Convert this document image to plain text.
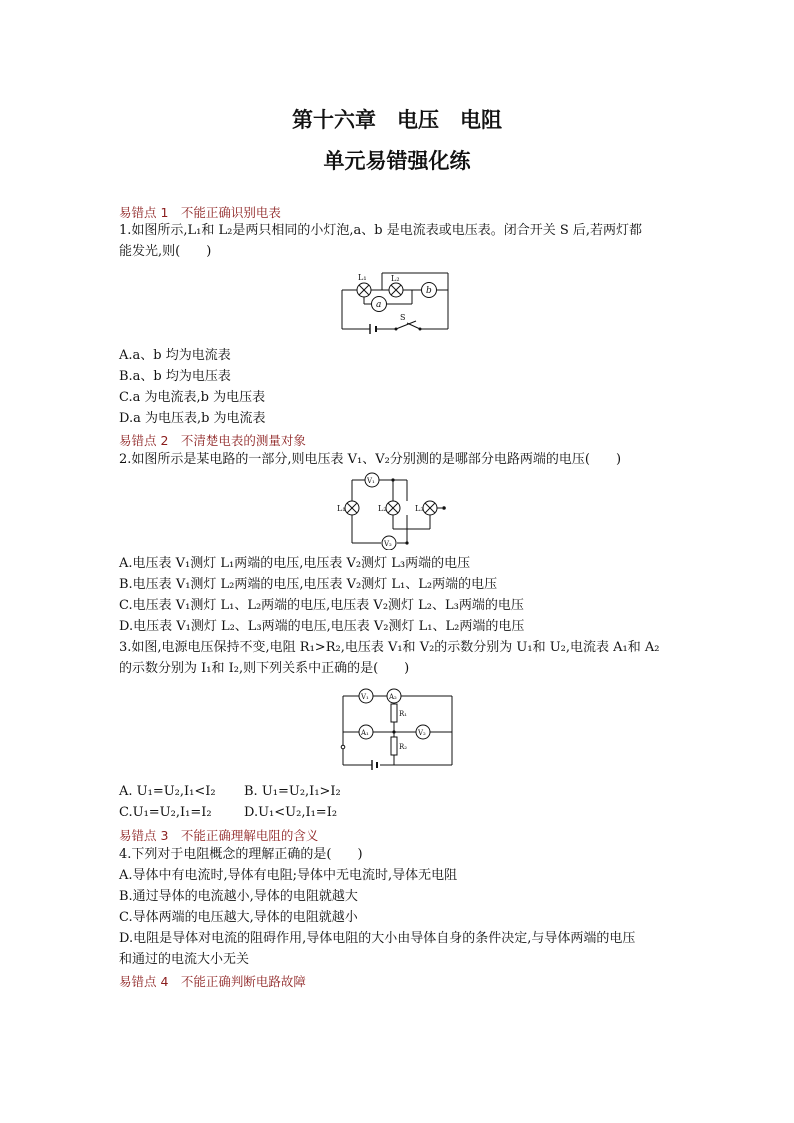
第十六章　电压　电阻
单元易错强化练
易错点 1　不能正确识别电表
1.如图所示,L₁和 L₂是两只相同的小灯泡,a、b 是电流表或电压表。闭合开关 S 后,若两灯都
能发光,则(　　)
L₁	L₂
a
b
S
A.a、b 均为电流表
B.a、b 均为电压表
C.a 为电流表,b 为电压表
D.a 为电压表,b 为电流表
易错点 2　不清楚电表的测量对象
2.如图所示是某电路的一部分,则电压表 V₁、V₂分别测的是哪部分电路两端的电压(　　)
V₁
V₂
L₁	L₂	L₃
A.电压表 V₁测灯 L₁两端的电压,电压表 V₂测灯 L₃两端的电压
B.电压表 V₁测灯 L₂两端的电压,电压表 V₂测灯 L₁、L₂两端的电压
C.电压表 V₁测灯 L₁、L₂两端的电压,电压表 V₂测灯 L₂、L₃两端的电压
D.电压表 V₁测灯 L₂、L₃两端的电压,电压表 V₂测灯 L₁、L₂两端的电压
3.如图,电源电压保持不变,电阻 R₁>R₂,电压表 V₁和 V₂的示数分别为 U₁和 U₂,电流表 A₁和 A₂
的示数分别为 I₁和 I₂,则下列关系中正确的是(　　)
V₁	A₂
R₁
A₁	V₂
R₂
A. U₁=U₂,I₁<I₂ B. U₁=U₂,I₁>I₂
C.U₁=U₂,I₁=I₂ D.U₁<U₂,I₁=I₂
易错点 3　不能正确理解电阻的含义
4.下列对于电阻概念的理解正确的是(　　)
A.导体中有电流时,导体有电阻;导体中无电流时,导体无电阻
B.通过导体的电流越小,导体的电阻就越大
C.导体两端的电压越大,导体的电阻就越小
D.电阻是导体对电流的阻碍作用,导体电阻的大小由导体自身的条件决定,与导体两端的电压
和通过的电流大小无关
易错点 4　不能正确判断电路故障
